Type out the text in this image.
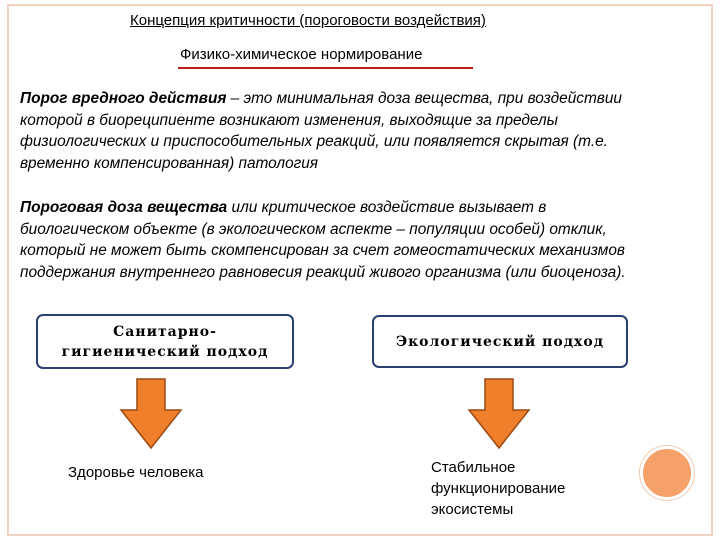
Концепция критичности (пороговости воздействия)
Физико-химическое нормирование
Порог вредного действия – это минимальная доза вещества, при воздействии которой в биореципиенте возникают изменения, выходящие за пределы физиологических и приспособительных реакций, или появляется скрытая (т.е. временно компенсированная) патология
Пороговая доза вещества или критическое воздействие вызывает в биологическом объекте (в экологическом аспекте – популяции особей) отклик, который не может быть скомпенсирован за счет гомеостатических механизмов поддержания внутреннего равновесия реакций живого организма (или биоценоза).
Санитарно-гигиенический подход
Экологический подход
Здоровье человека	Стабильное функционирование экосистемы
